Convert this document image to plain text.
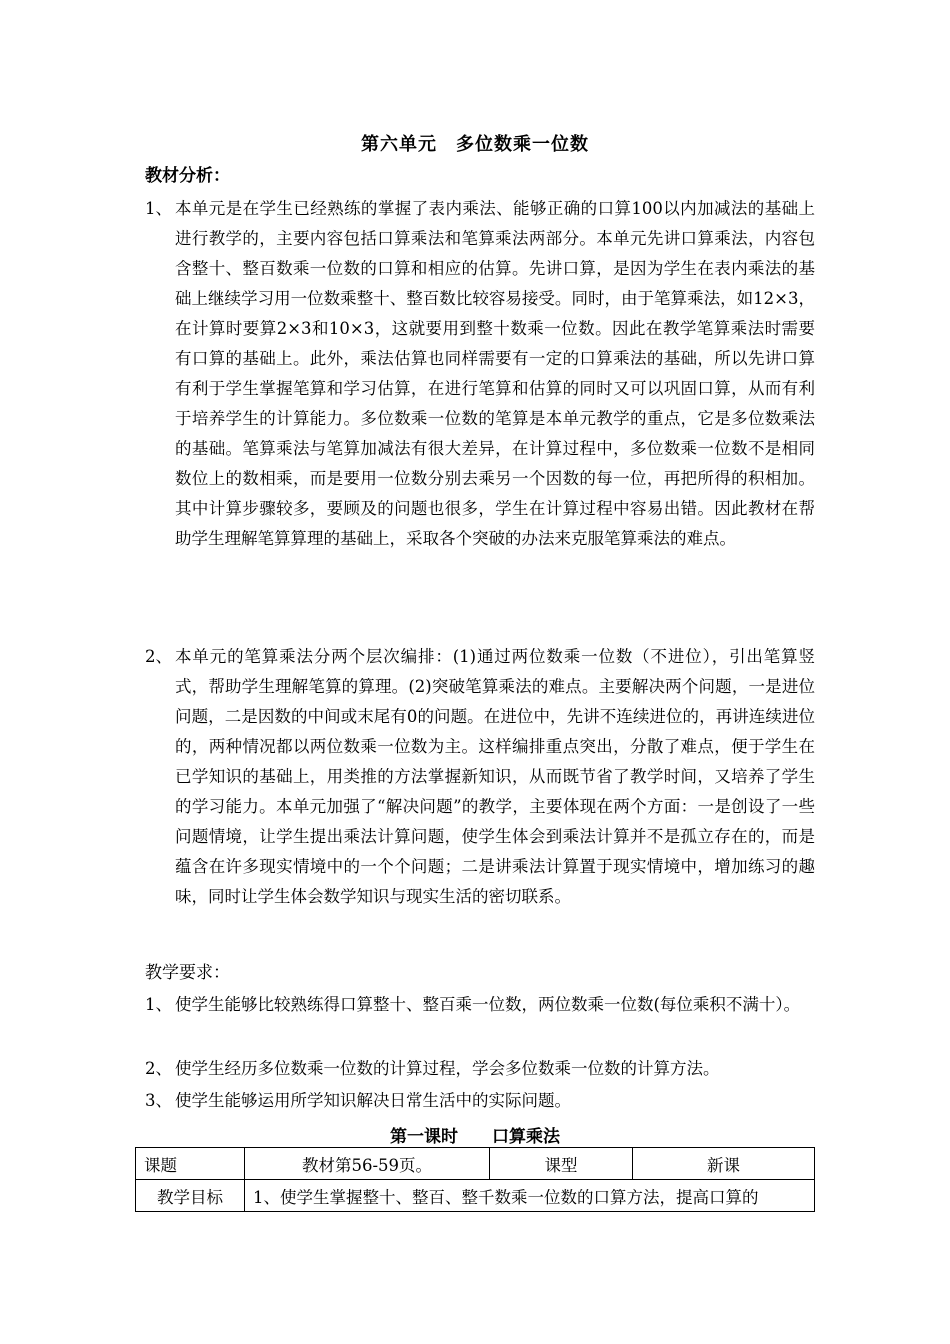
第六单元　多位数乘一位数
教材分析：
1、 本单元是在学生已经熟练的掌握了表内乘法、能够正确的口算100以内加减法的基础上进行教学的，主要内容包括口算乘法和笔算乘法两部分。本单元先讲口算乘法，内容包含整十、整百数乘一位数的口算和相应的估算。先讲口算，是因为学生在表内乘法的基础上继续学习用一位数乘整十、整百数比较容易接受。同时，由于笔算乘法，如12×3，在计算时要算2×3和10×3，这就要用到整十数乘一位数。因此在教学笔算乘法时需要有口算的基础上。此外，乘法估算也同样需要有一定的口算乘法的基础，所以先讲口算有利于学生掌握笔算和学习估算，在进行笔算和估算的同时又可以巩固口算，从而有利于培养学生的计算能力。多位数乘一位数的笔算是本单元教学的重点，它是多位数乘法的基础。笔算乘法与笔算加减法有很大差异，在计算过程中，多位数乘一位数不是相同数位上的数相乘，而是要用一位数分别去乘另一个因数的每一位，再把所得的积相加。其中计算步骤较多，要顾及的问题也很多，学生在计算过程中容易出错。因此教材在帮助学生理解笔算算理的基础上，采取各个突破的办法来克服笔算乘法的难点。
2、 本单元的笔算乘法分两个层次编排：(1)通过两位数乘一位数（不进位），引出笔算竖式，帮助学生理解笔算的算理。(2)突破笔算乘法的难点。主要解决两个问题，一是进位问题，二是因数的中间或末尾有0的问题。在进位中，先讲不连续进位的，再讲连续进位的，两种情况都以两位数乘一位数为主。这样编排重点突出，分散了难点，便于学生在已学知识的基础上，用类推的方法掌握新知识，从而既节省了教学时间，又培养了学生的学习能力。本单元加强了“解决问题”的教学，主要体现在两个方面：一是创设了一些问题情境，让学生提出乘法计算问题，使学生体会到乘法计算并不是孤立存在的，而是蕴含在许多现实情境中的一个个问题；二是讲乘法计算置于现实情境中，增加练习的趣味，同时让学生体会数学知识与现实生活的密切联系。
教学要求：
1、 使学生能够比较熟练得口算整十、整百乘一位数，两位数乘一位数(每位乘积不满十）。
2、 使学生经历多位数乘一位数的计算过程，学会多位数乘一位数的计算方法。
3、 使学生能够运用所学知识解决日常生活中的实际问题。
第一课时　　口算乘法
课题	教材第56-59页。	课型	新课
教学目标	1、使学生掌握整十、整百、整千数乘一位数的口算方法，提高口算的		
